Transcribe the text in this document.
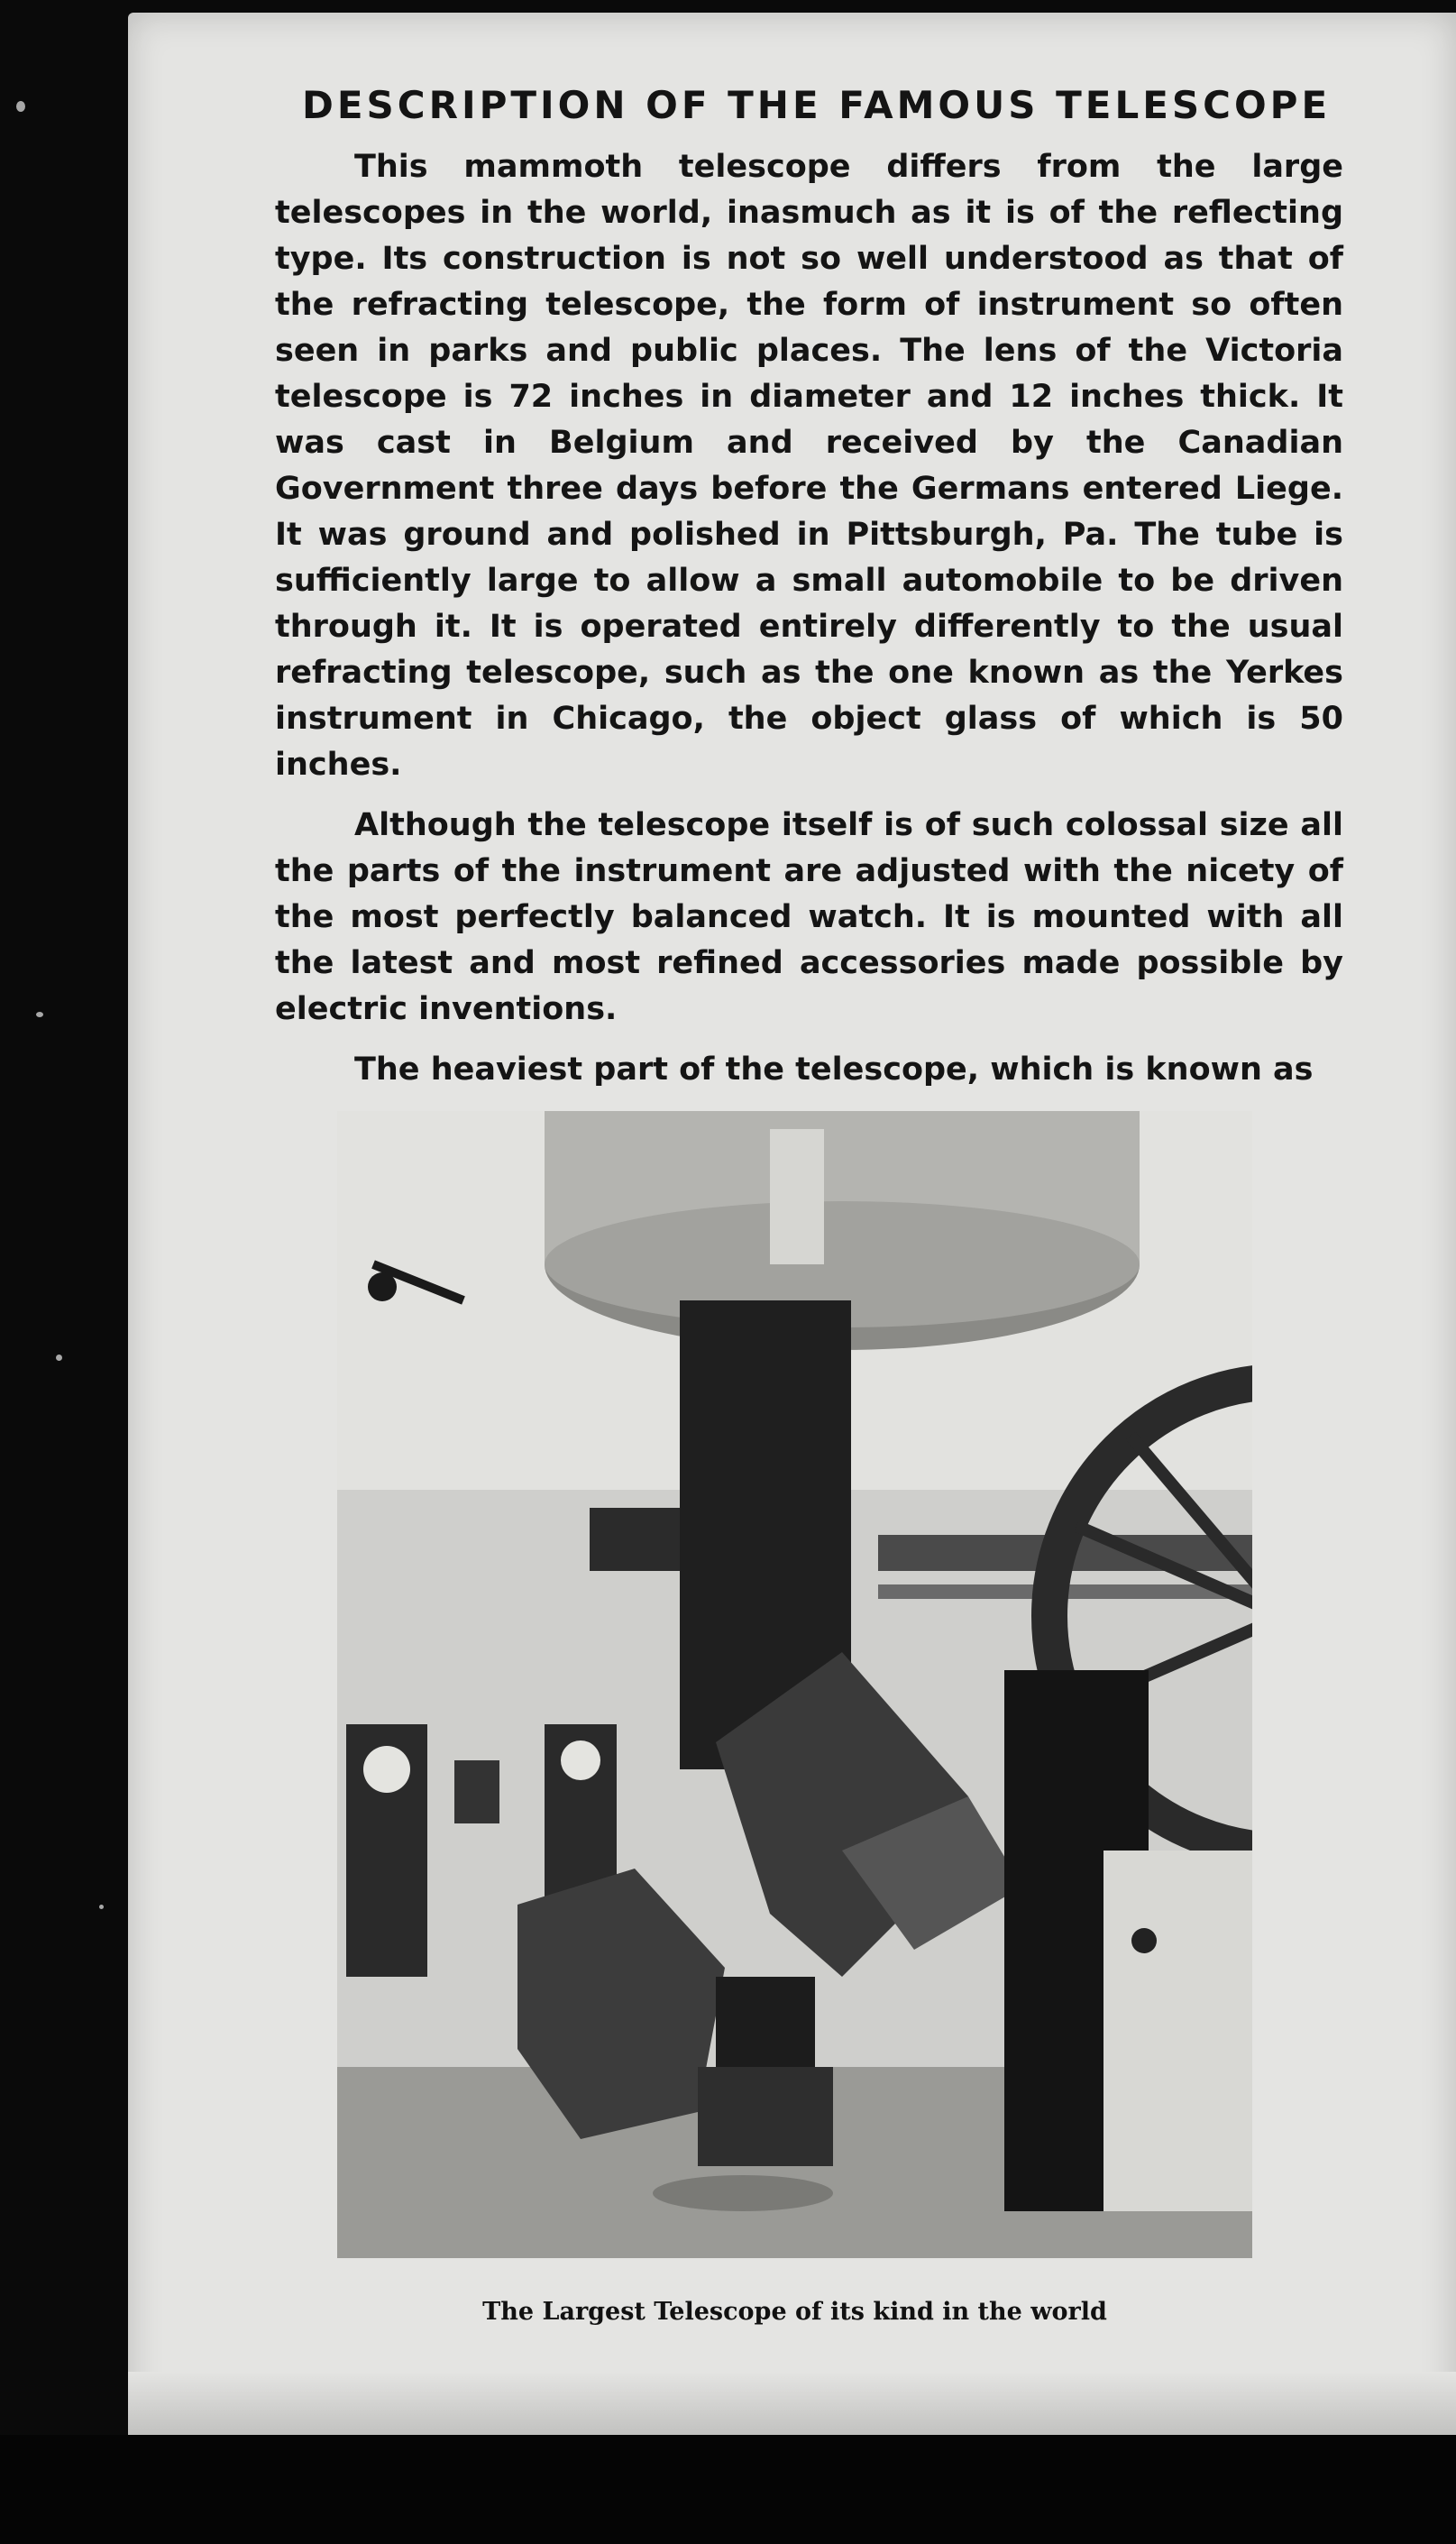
DESCRIPTION OF THE FAMOUS TELESCOPE

This mammoth telescope differs from the large telescopes in the world, inasmuch as it is of the reflecting type. Its construction is not so well understood as that of the refracting telescope, the form of instrument so often seen in parks and public places. The lens of the Victoria telescope is 72 inches in diameter and 12 inches thick. It was cast in Belgium and received by the Canadian Government three days before the Germans entered Liege. It was ground and polished in Pittsburgh, Pa. The tube is sufficiently large to allow a small automobile to be driven through it. It is operated entirely differently to the usual refracting telescope, such as the one known as the Yerkes instrument in Chicago, the object glass of which is 50 inches.

Although the telescope itself is of such colossal size all the parts of the instrument are adjusted with the nicety of the most perfectly balanced watch. It is mounted with all the latest and most refined accessories made possible by electric inventions.

The heaviest part of the telescope, which is known as

The Largest Telescope of its kind in the world
